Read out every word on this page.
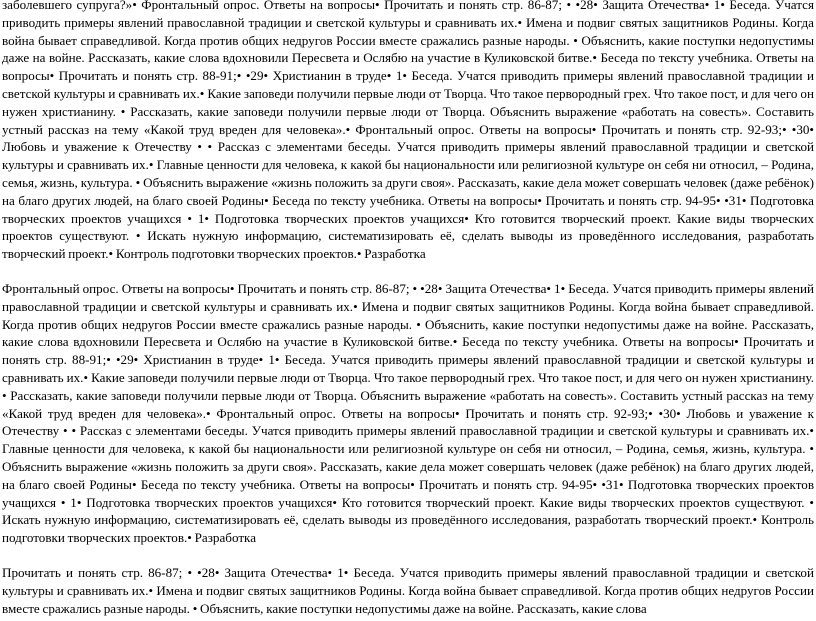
заболевшего супруга?»• Фронтальный опрос. Ответы на вопросы• Прочитать и понять стр. 86-87; • •28• Защита Отечества• 1• Беседа. Учатся приводить примеры явлений православной традиции и светской культуры и сравнивать их.• Имена и подвиг святых защитников Родины. Когда война бывает справедливой. Когда против общих недругов России вместе сражались разные народы. • Объяснить, какие поступки недопустимы даже на войне. Рассказать, какие слова вдохновили Пересвета и Ослябю на участие в Куликовской битве.• Беседа по тексту учебника. Ответы на вопросы• Прочитать и понять стр. 88-91;• •29• Христианин в труде• 1• Беседа. Учатся приводить примеры явлений православной традиции и светской культуры и сравнивать их.• Какие заповеди получили первые люди от Творца. Что такое первородный грех. Что такое пост, и для чего он нужен христианину. • Рассказать, какие заповеди получили первые люди от Творца. Объяснить выражение «работать на совесть». Составить устный рассказ на тему «Какой труд вреден для человека».• Фронтальный опрос. Ответы на вопросы• Прочитать и понять стр. 92-93;• •30• Любовь и уважение к Отечеству • • Рассказ с элементами беседы. Учатся приводить примеры явлений православной традиции и светской культуры и сравнивать их.• Главные ценности для человека, к какой бы национальности или религиозной культуре он себя ни относил, – Родина, семья, жизнь, культура. • Объяснить выражение «жизнь положить за други своя». Рассказать, какие дела может совершать человек (даже ребёнок) на благо других людей, на благо своей Родины• Беседа по тексту учебника. Ответы на вопросы• Прочитать и понять стр. 94-95• •31• Подготовка творческих проектов учащихся • 1• Подготовка творческих проектов учащихся• Кто готовится творческий проект. Какие виды творческих проектов существуют. • Искать нужную информацию, систематизировать её, сделать выводы из проведённого исследования, разработать творческий проект.• Контроль подготовки творческих проектов.• Разработка

Фронтальный опрос. Ответы на вопросы• Прочитать и понять стр. 86-87; • •28• Защита Отечества• 1• Беседа. Учатся приводить примеры явлений православной традиции и светской культуры и сравнивать их.• Имена и подвиг святых защитников Родины. Когда война бывает справедливой. Когда против общих недругов России вместе сражались разные народы. • Объяснить, какие поступки недопустимы даже на войне. Рассказать, какие слова вдохновили Пересвета и Ослябю на участие в Куликовской битве.• Беседа по тексту учебника. Ответы на вопросы• Прочитать и понять стр. 88-91;• •29• Христианин в труде• 1• Беседа. Учатся приводить примеры явлений православной традиции и светской культуры и сравнивать их.• Какие заповеди получили первые люди от Творца. Что такое первородный грех. Что такое пост, и для чего он нужен христианину. • Рассказать, какие заповеди получили первые люди от Творца. Объяснить выражение «работать на совесть». Составить устный рассказ на тему «Какой труд вреден для человека».• Фронтальный опрос. Ответы на вопросы• Прочитать и понять стр. 92-93;• •30• Любовь и уважение к Отечеству • • Рассказ с элементами беседы. Учатся приводить примеры явлений православной традиции и светской культуры и сравнивать их.• Главные ценности для человека, к какой бы национальности или религиозной культуре он себя ни относил, – Родина, семья, жизнь, культура. • Объяснить выражение «жизнь положить за други своя». Рассказать, какие дела может совершать человек (даже ребёнок) на благо других людей, на благо своей Родины• Беседа по тексту учебника. Ответы на вопросы• Прочитать и понять стр. 94-95• •31• Подготовка творческих проектов учащихся • 1• Подготовка творческих проектов учащихся• Кто готовится творческий проект. Какие виды творческих проектов существуют. • Искать нужную информацию, систематизировать её, сделать выводы из проведённого исследования, разработать творческий проект.• Контроль подготовки творческих проектов.• Разработка

Прочитать и понять стр. 86-87; • •28• Защита Отечества• 1• Беседа. Учатся приводить примеры явлений православной традиции и светской культуры и сравнивать их.• Имена и подвиг святых защитников Родины. Когда война бывает справедливой. Когда против общих недругов России вместе сражались разные народы. • Объяснить, какие поступки недопустимы даже на войне. Рассказать, какие слова
